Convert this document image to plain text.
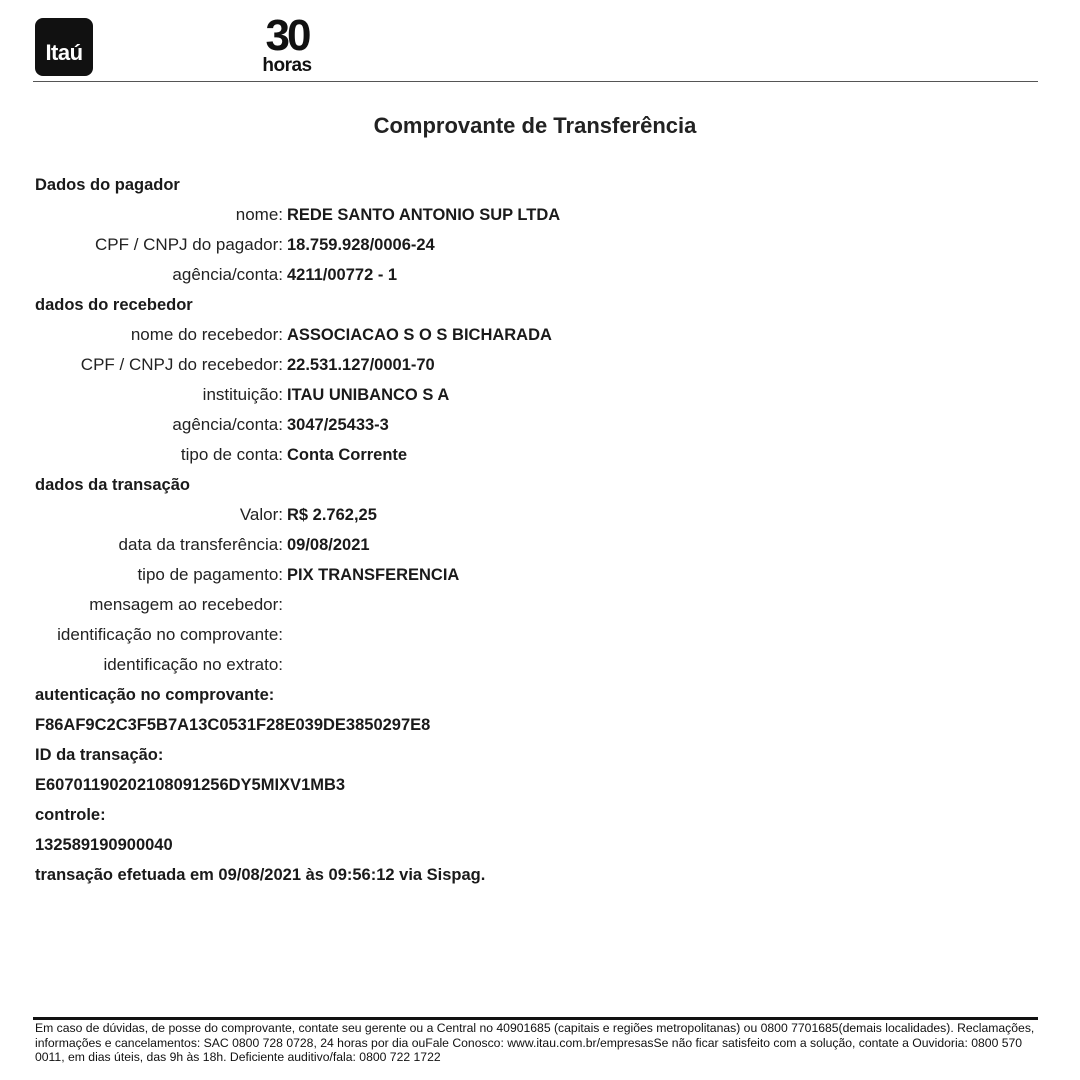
Itaú	30
horas
Comprovante de Transferência
Dados do pagador
nome: REDE SANTO ANTONIO SUP LTDA
CPF / CNPJ do pagador: 18.759.928/0006-24
agência/conta: 4211/00772 - 1
dados do recebedor
nome do recebedor: ASSOCIACAO S O S BICHARADA
CPF / CNPJ do recebedor: 22.531.127/0001-70
instituição: ITAU UNIBANCO S A
agência/conta: 3047/25433-3
tipo de conta: Conta Corrente
dados da transação
Valor: R$ 2.762,25
data da transferência: 09/08/2021
tipo de pagamento: PIX TRANSFERENCIA
mensagem ao recebedor:
identificação no comprovante:
identificação no extrato:
autenticação no comprovante:
F86AF9C2C3F5B7A13C0531F28E039DE3850297E8
ID da transação:
E60701190202108091256DY5MIXV1MB3
controle:
132589190900040
transação efetuada em 09/08/2021 às 09:56:12 via Sispag.
Em caso de dúvidas, de posse do comprovante, contate seu gerente ou a Central no 40901685 (capitais e regiões metropolitanas) ou 0800 7701685(demais localidades). Reclamações, informações e cancelamentos: SAC 0800 728 0728, 24 horas por dia ouFale Conosco: www.itau.com.br/empresasSe não ficar satisfeito com a solução, contate a Ouvidoria: 0800 570 0011, em dias úteis, das 9h às 18h. Deficiente auditivo/fala: 0800 722 1722
